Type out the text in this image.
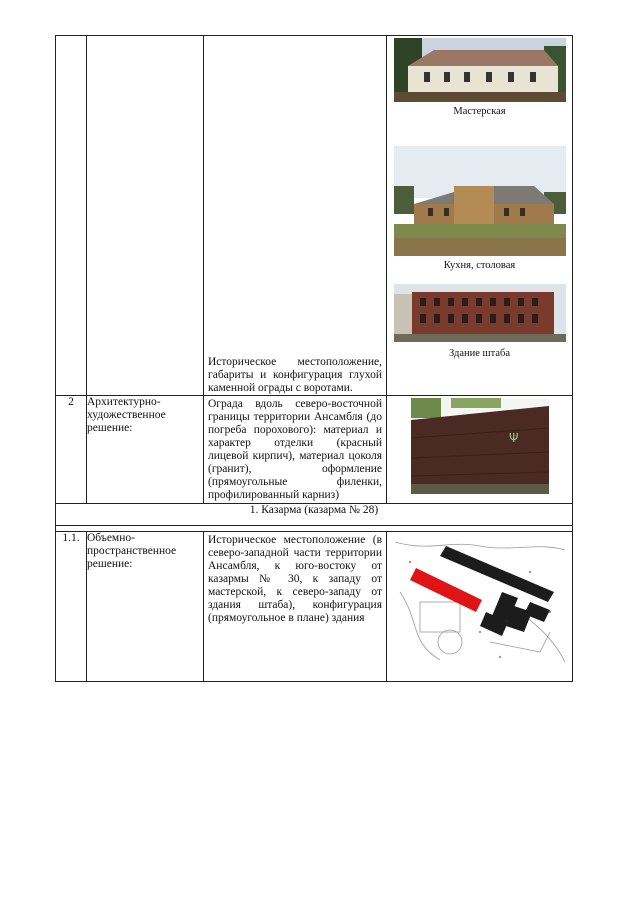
		Историческое местоположение, габариты и конфигурация глухой каменной ограды с воротами.	Мастерская
Кухня, столовая
Здание штаба

2	Архитектурно-художественное решение:	Ограда вдоль северо-восточной границы территории Ансамбля (до погреба порохового): материал и характер отделки (красный лицевой кирпич), материал цоколя (гранит), оформление (прямоугольные филенки, профилированный карниз)	Ψ

1. Казарма (казарма № 28)			

1.1.	Объемно-пространственное решение:	Историческое местоположение (в северо-западной части территории Ансамбля, к юго-востоку от казармы № 30, к западу от мастерской, к северо-западу от здания штаба), конфигурация (прямоугольное в плане) здания
